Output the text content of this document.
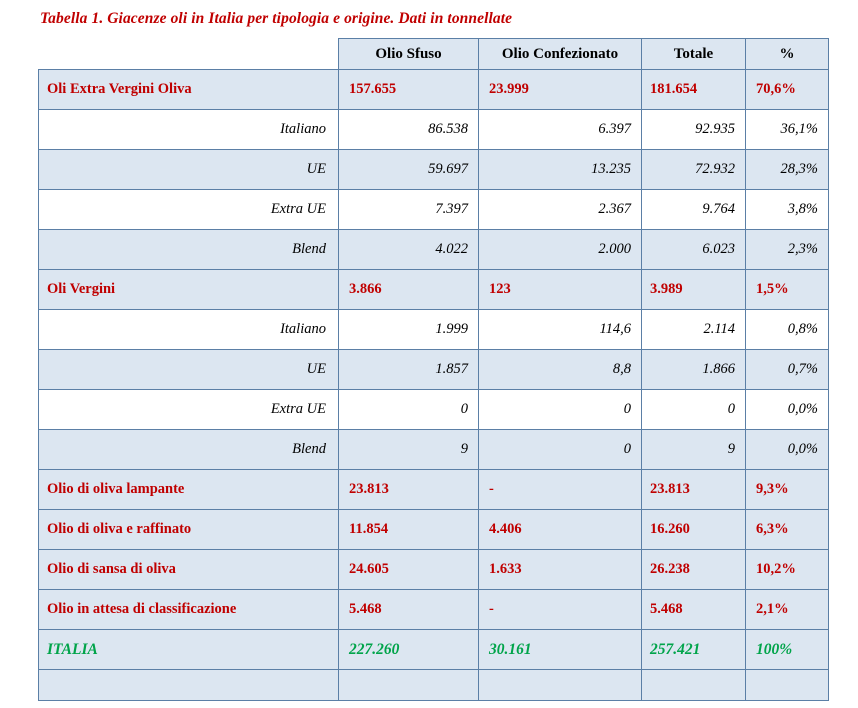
Tabella 1. Giacenze oli in Italia per tipologia e origine. Dati in tonnellate
	Olio Sfuso	Olio Confezionato	Totale	%
Oli Extra Vergini Oliva	157.655	23.999	181.654	70,6%
Italiano	86.538	6.397	92.935	36,1%
UE	59.697	13.235	72.932	28,3%
Extra UE	7.397	2.367	9.764	3,8%
Blend	4.022	2.000	6.023	2,3%
Oli Vergini	3.866	123	3.989	1,5%
Italiano	1.999	114,6	2.114	0,8%
UE	1.857	8,8	1.866	0,7%
Extra UE	0	0	0	0,0%
Blend	9	0	9	0,0%
Olio di oliva lampante	23.813	-	23.813	9,3%
Olio di oliva e raffinato	11.854	4.406	16.260	6,3%
Olio di sansa di oliva	24.605	1.633	26.238	10,2%
Olio in attesa di classificazione	5.468	-	5.468	2,1%
ITALIA	227.260	30.161	257.421	100%
